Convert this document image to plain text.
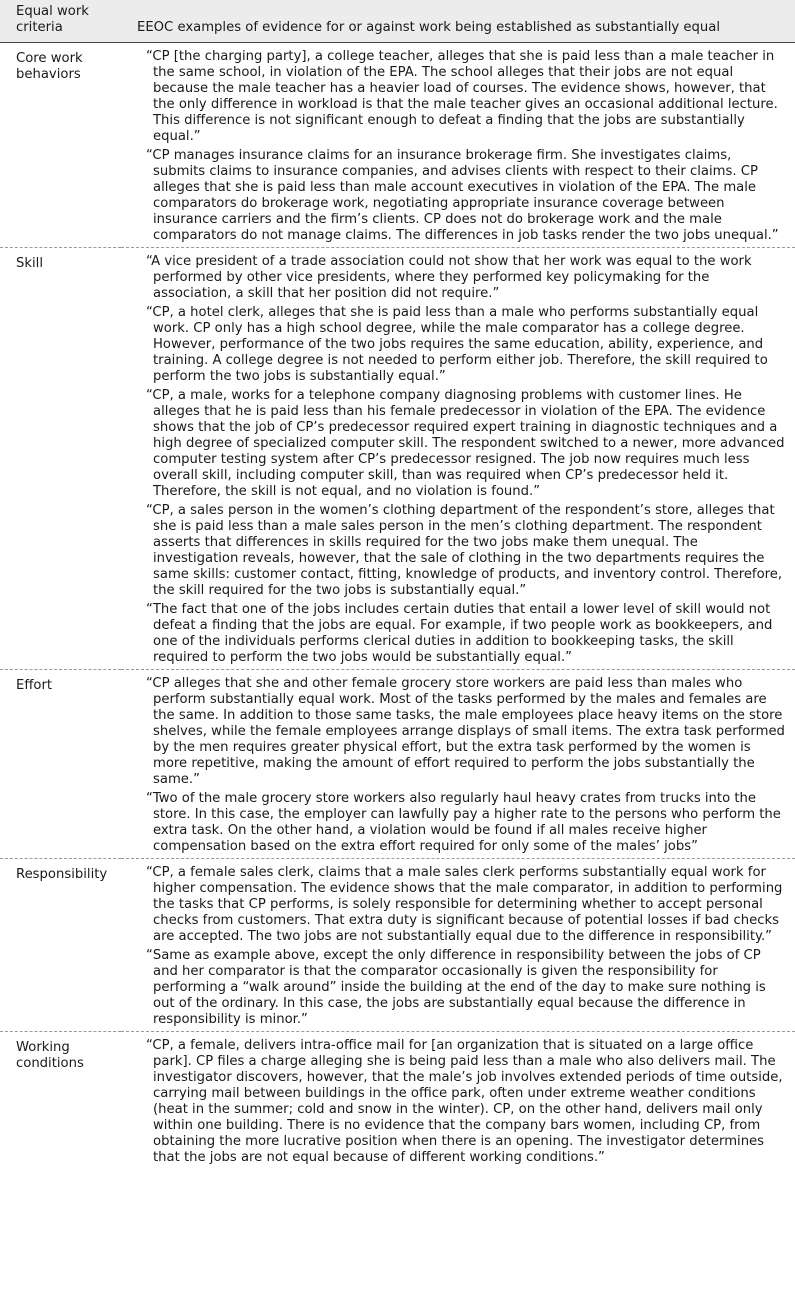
Equal work criteria	EEOC examples of evidence for or against work being established as substantially equal
Core work behaviors	“CP [the charging party], a college teacher, alleges that she is paid less than a male teacher in the same school, in violation of the EPA. The school alleges that their jobs are not equal because the male teacher has a heavier load of courses. The evidence shows, however, that the only difference in workload is that the male teacher gives an occasional additional lecture. This difference is not significant enough to defeat a finding that the jobs are substantially equal.”

“CP manages insurance claims for an insurance brokerage firm. She investigates claims, submits claims to insurance companies, and advises clients with respect to their claims. CP alleges that she is paid less than male account executives in violation of the EPA. The male comparators do brokerage work, negotiating appropriate insurance coverage between insurance carriers and the firm’s clients. CP does not do brokerage work and the male comparators do not manage claims. The differences in job tasks render the two jobs unequal.”

Skill	“A vice president of a trade association could not show that her work was equal to the work performed by other vice presidents, where they performed key policymaking for the association, a skill that her position did not require.”

“CP, a hotel clerk, alleges that she is paid less than a male who performs substantially equal work. CP only has a high school degree, while the male comparator has a college degree. However, performance of the two jobs requires the same education, ability, experience, and training. A college degree is not needed to perform either job. Therefore, the skill required to perform the two jobs is substantially equal.”

“CP, a male, works for a telephone company diagnosing problems with customer lines. He alleges that he is paid less than his female predecessor in violation of the EPA. The evidence shows that the job of CP’s predecessor required expert training in diagnostic techniques and a high degree of specialized computer skill. The respondent switched to a newer, more advanced computer testing system after CP’s predecessor resigned. The job now requires much less overall skill, including computer skill, than was required when CP’s predecessor held it. Therefore, the skill is not equal, and no violation is found.”

“CP, a sales person in the women’s clothing department of the respondent’s store, alleges that she is paid less than a male sales person in the men’s clothing department. The respondent asserts that differences in skills required for the two jobs make them unequal. The investigation reveals, however, that the sale of clothing in the two departments requires the same skills: customer contact, fitting, knowledge of products, and inventory control. Therefore, the skill required for the two jobs is substantially equal.”

“The fact that one of the jobs includes certain duties that entail a lower level of skill would not defeat a finding that the jobs are equal. For example, if two people work as bookkeepers, and one of the individuals performs clerical duties in addition to bookkeeping tasks, the skill required to perform the two jobs would be substantially equal.”

Effort	“CP alleges that she and other female grocery store workers are paid less than males who perform substantially equal work. Most of the tasks performed by the males and females are the same. In addition to those same tasks, the male employees place heavy items on the store shelves, while the female employees arrange displays of small items. The extra task performed by the men requires greater physical effort, but the extra task performed by the women is more repetitive, making the amount of effort required to perform the jobs substantially the same.”

“Two of the male grocery store workers also regularly haul heavy crates from trucks into the store. In this case, the employer can lawfully pay a higher rate to the persons who perform the extra task. On the other hand, a violation would be found if all males receive higher compensation based on the extra effort required for only some of the males’ jobs”

Responsibility	“CP, a female sales clerk, claims that a male sales clerk performs substantially equal work for higher compensation. The evidence shows that the male comparator, in addition to performing the tasks that CP performs, is solely responsible for determining whether to accept personal checks from customers. That extra duty is significant because of potential losses if bad checks are accepted. The two jobs are not substantially equal due to the difference in responsibility.”

“Same as example above, except the only difference in responsibility between the jobs of CP and her comparator is that the comparator occasionally is given the responsibility for performing a “walk around” inside the building at the end of the day to make sure nothing is out of the ordinary. In this case, the jobs are substantially equal because the difference in responsibility is minor.”

Working conditions	“CP, a female, delivers intra-office mail for [an organization that is situated on a large office park]. CP files a charge alleging she is being paid less than a male who also delivers mail. The investigator discovers, however, that the male’s job involves extended periods of time outside, carrying mail between buildings in the office park, often under extreme weather conditions (heat in the summer; cold and snow in the winter). CP, on the other hand, delivers mail only within one building. There is no evidence that the company bars women, including CP, from obtaining the more lucrative position when there is an opening. The investigator determines that the jobs are not equal because of different working conditions.”
